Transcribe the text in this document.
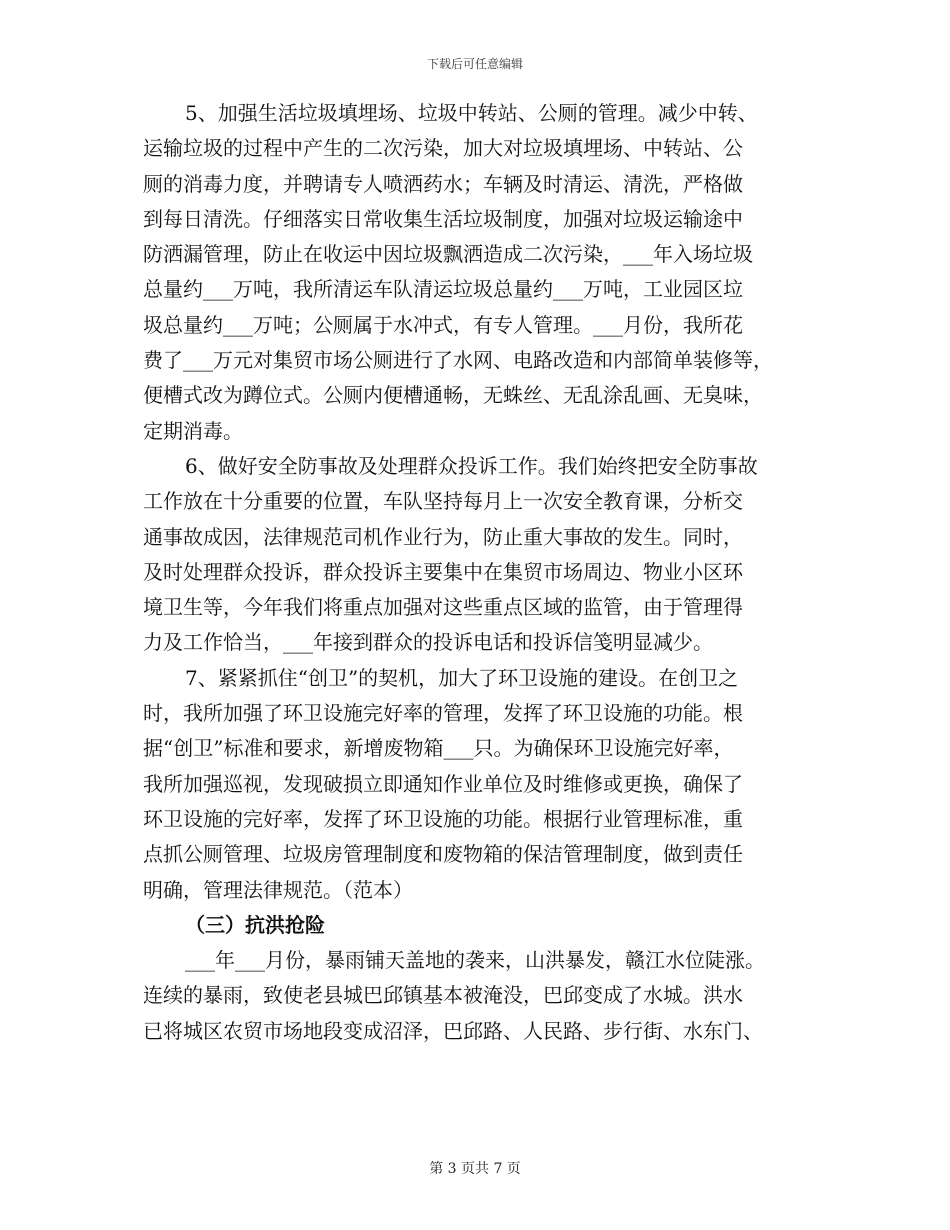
下载后可任意编辑
5、加强生活垃圾填埋场、垃圾中转站、公厕的管理。减少中转、
运输垃圾的过程中产生的二次污染，加大对垃圾填埋场、中转站、公
厕的消毒力度，并聘请专人喷洒药水；车辆及时清运、清洗，严格做
到每日清洗。仔细落实日常收集生活垃圾制度，加强对垃圾运输途中
防洒漏管理，防止在收运中因垃圾飘洒造成二次污染，___年入场垃圾
总量约___万吨，我所清运车队清运垃圾总量约___万吨，工业园区垃
圾总量约___万吨；公厕属于水冲式，有专人管理。___月份，我所花
费了___万元对集贸市场公厕进行了水网、电路改造和内部简单装修等，
便槽式改为蹲位式。公厕内便槽通畅，无蛛丝、无乱涂乱画、无臭味，
定期消毒。
6、做好安全防事故及处理群众投诉工作。我们始终把安全防事故
工作放在十分重要的位置，车队坚持每月上一次安全教育课，分析交
通事故成因，法律规范司机作业行为，防止重大事故的发生。同时，
及时处理群众投诉，群众投诉主要集中在集贸市场周边、物业小区环
境卫生等，今年我们将重点加强对这些重点区域的监管，由于管理得
力及工作恰当，___年接到群众的投诉电话和投诉信笺明显减少。
7、紧紧抓住“创卫”的契机，加大了环卫设施的建设。在创卫之
时，我所加强了环卫设施完好率的管理，发挥了环卫设施的功能。根
据“创卫”标准和要求，新增废物箱___只。为确保环卫设施完好率，
我所加强巡视，发现破损立即通知作业单位及时维修或更换，确保了
环卫设施的完好率，发挥了环卫设施的功能。根据行业管理标准，重
点抓公厕管理、垃圾房管理制度和废物箱的保洁管理制度，做到责任
明确，管理法律规范。（范本）
（三）抗洪抢险
___年___月份，暴雨铺天盖地的袭来，山洪暴发，赣江水位陡涨。
连续的暴雨，致使老县城巴邱镇基本被淹没，巴邱变成了水城。洪水
已将城区农贸市场地段变成沼泽，巴邱路、人民路、步行街、水东门、
第 3 页共 7 页
